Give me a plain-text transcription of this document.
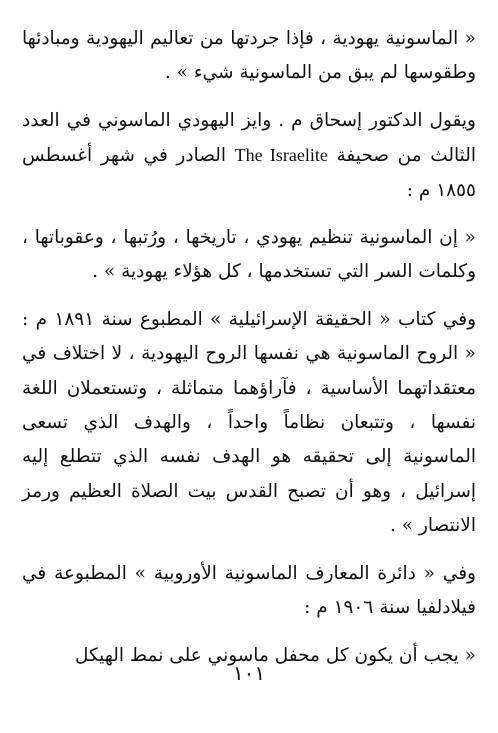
« الماسونية يهودية ، فإذا جردتها من تعاليم اليهودية ومبادئها وطقوسها لم يبق من الماسونية شيء » .

ويقول الدكتور إسحاق م . وايز اليهودي الماسوني في العدد الثالث من صحيفة The Israelite الصادر في شهر أغسطس ١٨٥٥ م :

« إن الماسونية تنظيم يهودي ، تاريخها ، ورُتبها ، وعقوباتها ، وكلمات السر التي تستخدمها ، كل هؤلاء يهودية » .

وفي كتاب « الحقيقة الإسرائيلية » المطبوع سنة ١٨٩١ م : « الروح الماسونية هي نفسها الروح اليهودية ، لا اختلاف في معتقداتهما الأساسية ، فآراؤهما متماثلة ، وتستعملان اللغة نفسها ، وتتبعان نظاماً واحداً ، والهدف الذي تسعى الماسونية إلى تحقيقه هو الهدف نفسه الذي تتطلع إليه إسرائيل ، وهو أن تصبح القدس بيت الصلاة العظيم ورمز الانتصار » .

وفي « دائرة المعارف الماسونية الأوروبية » المطبوعة في فيلادلفيا سنة ١٩٠٦ م :

« يجب أن يكون كل محفل ماسوني على نمط الهيكل

١٠١
